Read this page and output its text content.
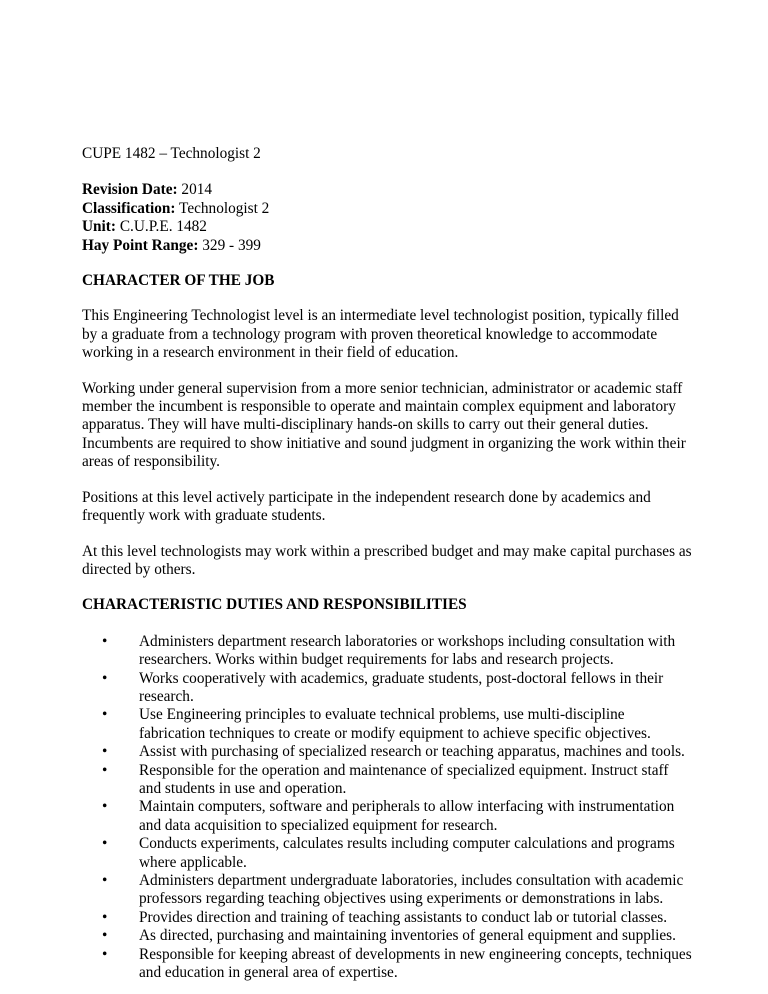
CUPE 1482 – Technologist 2

Revision Date: 2014

Classification: Technologist 2

Unit: C.U.P.E. 1482

Hay Point Range: 329 - 399

CHARACTER OF THE JOB

This Engineering Technologist level is an intermediate level technologist position, typically filled by a graduate from a technology program with proven theoretical knowledge to accommodate working in a research environment in their field of education.

Working under general supervision from a more senior technician, administrator or academic staff member the incumbent is responsible to operate and maintain complex equipment and laboratory apparatus. They will have multi-disciplinary hands-on skills to carry out their general duties. Incumbents are required to show initiative and sound judgment in organizing the work within their areas of responsibility.

Positions at this level actively participate in the independent research done by academics and frequently work with graduate students.

At this level technologists may work within a prescribed budget and may make capital purchases as directed by others.

CHARACTERISTIC DUTIES AND RESPONSIBILITIES
• Administers department research laboratories or workshops including consultation with researchers. Works within budget requirements for labs and research projects.
• Works cooperatively with academics, graduate students, post-doctoral fellows in their research.
• Use Engineering principles to evaluate technical problems, use multi-discipline fabrication techniques to create or modify equipment to achieve specific objectives.
• Assist with purchasing of specialized research or teaching apparatus, machines and tools.
• Responsible for the operation and maintenance of specialized equipment. Instruct staff and students in use and operation.
• Maintain computers, software and peripherals to allow interfacing with instrumentation and data acquisition to specialized equipment for research.
• Conducts experiments, calculates results including computer calculations and programs where applicable.
• Administers department undergraduate laboratories, includes consultation with academic professors regarding teaching objectives using experiments or demonstrations in labs.
• Provides direction and training of teaching assistants to conduct lab or tutorial classes.
• As directed, purchasing and maintaining inventories of general equipment and supplies.
• Responsible for keeping abreast of developments in new engineering concepts, techniques and education in general area of expertise.
